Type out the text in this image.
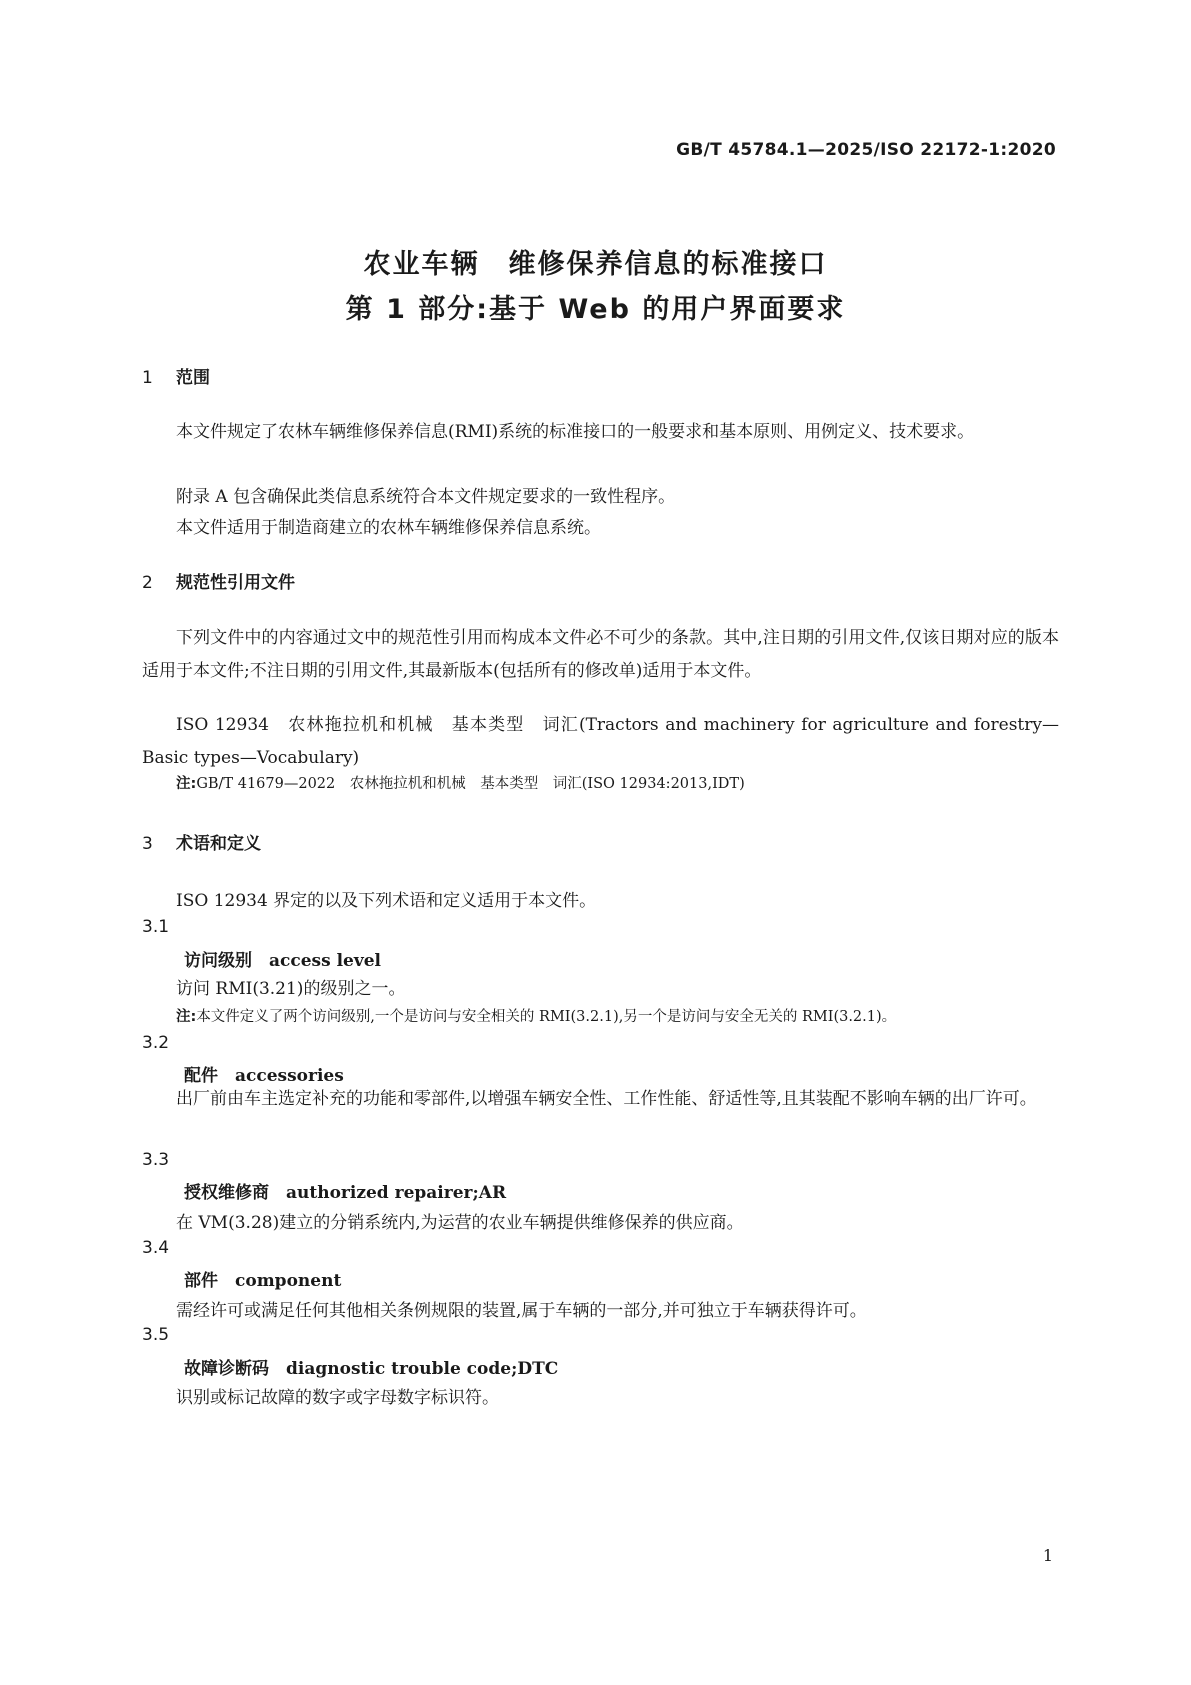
GB/T 45784.1—2025/ISO 22172-1:2020
农业车辆　维修保养信息的标准接口
第 1 部分:基于 Web 的用户界面要求
1 范围

本文件规定了农林车辆维修保养信息(RMI)系统的标准接口的一般要求和基本原则、用例定义、技术要求。

附录 A 包含确保此类信息系统符合本文件规定要求的一致性程序。
本文件适用于制造商建立的农林车辆维修保养信息系统。
2 规范性引用文件

下列文件中的内容通过文中的规范性引用而构成本文件必不可少的条款。其中,注日期的引用文件,仅该日期对应的版本适用于本文件;不注日期的引用文件,其最新版本(包括所有的修改单)适用于本文件。

ISO 12934　农林拖拉机和机械　基本类型　词汇(Tractors and machinery for agriculture and forestry—Basic types—Vocabulary)

注:GB/T 41679—2022　农林拖拉机和机械　基本类型　词汇(ISO 12934:2013,IDT)
3 术语和定义
ISO 12934 界定的以及下列术语和定义适用于本文件。
3.1
访问级别　 access level
访问 RMI(3.21)的级别之一。
注:本文件定义了两个访问级别,一个是访问与安全相关的 RMI(3.2.1),另一个是访问与安全无关的 RMI(3.2.1)。
3.2
配件　 accessories

出厂前由车主选定补充的功能和零部件,以增强车辆安全性、工作性能、舒适性等,且其装配不影响车辆的出厂许可。

3.3
授权维修商　 authorized repairer;AR
在 VM(3.28)建立的分销系统内,为运营的农业车辆提供维修保养的供应商。
3.4
部件　 component
需经许可或满足任何其他相关条例规限的装置,属于车辆的一部分,并可独立于车辆获得许可。
3.5
故障诊断码　 diagnostic trouble code;DTC
识别或标记故障的数字或字母数字标识符。
1
